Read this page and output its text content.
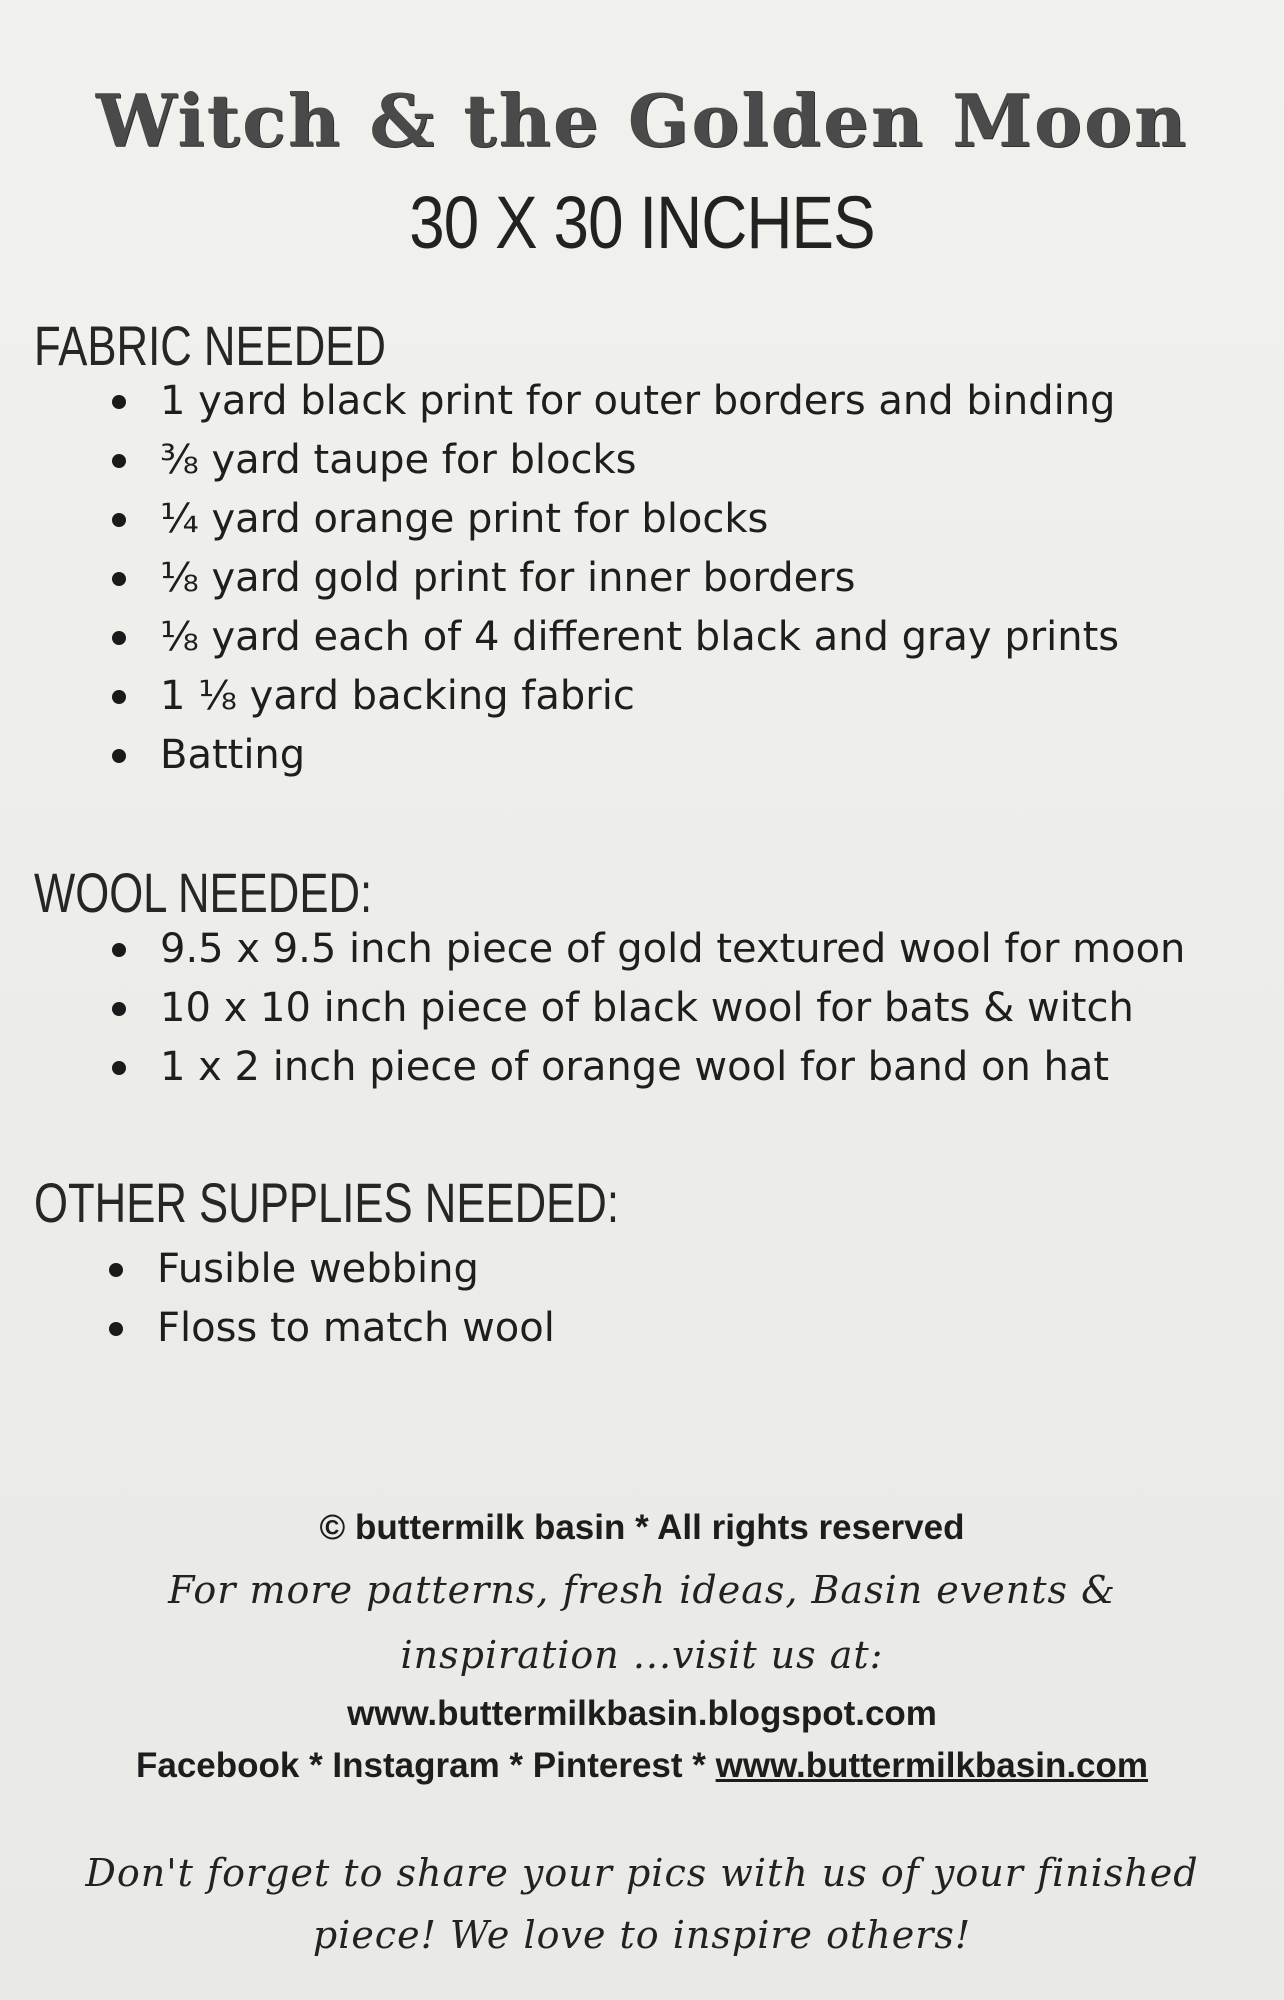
Witch & the Golden Moon
30 X 30 INCHES
FABRIC NEEDED
1 yard black print for outer borders and binding
⅜ yard taupe for blocks
¼ yard orange print for blocks
⅛ yard gold print for inner borders
⅛ yard each of 4 different black and gray prints
1 ⅛ yard backing fabric
Batting
WOOL NEEDED:
9.5 x 9.5 inch piece of gold textured wool for moon
10 x 10 inch piece of black wool for bats & witch
1 x 2 inch piece of orange wool for band on hat
OTHER SUPPLIES NEEDED:
Fusible webbing
Floss to match wool
© buttermilk basin * All rights reserved
For more patterns, fresh ideas, Basin events &
inspiration ...visit us at:
www.buttermilkbasin.blogspot.com
Facebook * Instagram * Pinterest * www.buttermilkbasin.com
Don't forget to share your pics with us of your finished
piece! We love to inspire others!
